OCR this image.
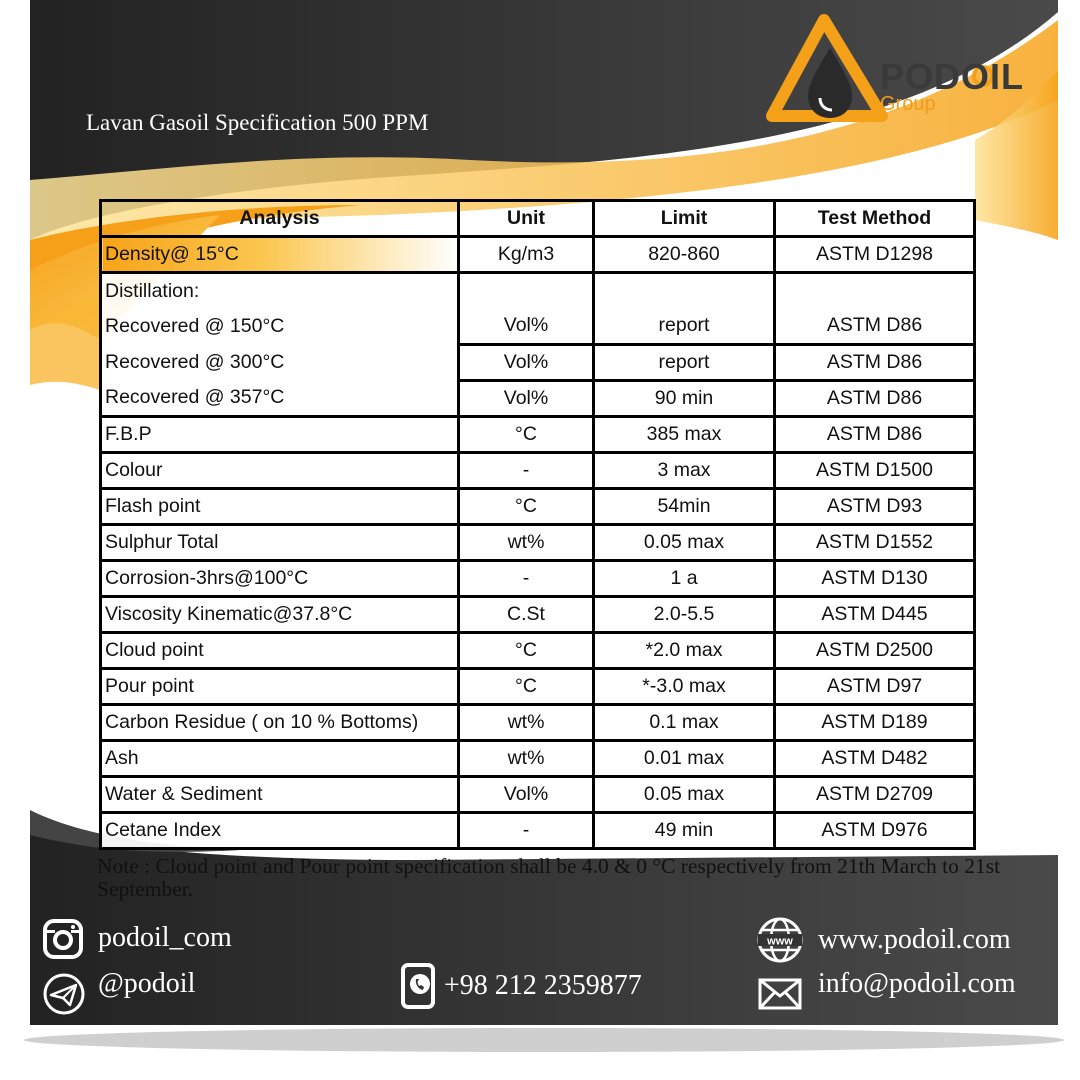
Lavan Gasoil Specification 500 PPM
PODOIL
Group
Analysis	Unit	Limit	Test Method
Density@ 15°C	Kg/m3	820-860	ASTM D1298
Distillation:			
Recovered @ 150°C	Vol%	report	ASTM D86
Recovered @ 300°C	Vol%	report	ASTM D86
Recovered @ 357°C	Vol%	90 min	ASTM D86
F.B.P	°C	385 max	ASTM D86
Colour	-	3 max	ASTM D1500
Flash point	°C	54min	ASTM D93
Sulphur Total	wt%	0.05 max	ASTM D1552
Corrosion-3hrs@100°C	-	1 a	ASTM D130
Viscosity Kinematic@37.8°C	C.St	2.0-5.5	ASTM D445
Cloud point	°C	*2.0 max	ASTM D2500
Pour point	°C	*-3.0 max	ASTM D97
Carbon Residue ( on 10 % Bottoms)	wt%	0.1 max	ASTM D189
Ash	wt%	0.01 max	ASTM D482
Water & Sediment	Vol%	0.05 max	ASTM D2709
Cetane Index	-	49 min	ASTM D976
Note : Cloud point and Pour point specification shall be 4.0 & 0 °C respectively from 21th March to 21st September.
podoil_com
@podoil	+98 212 2359877
www www.podoil.com
info@podoil.com
